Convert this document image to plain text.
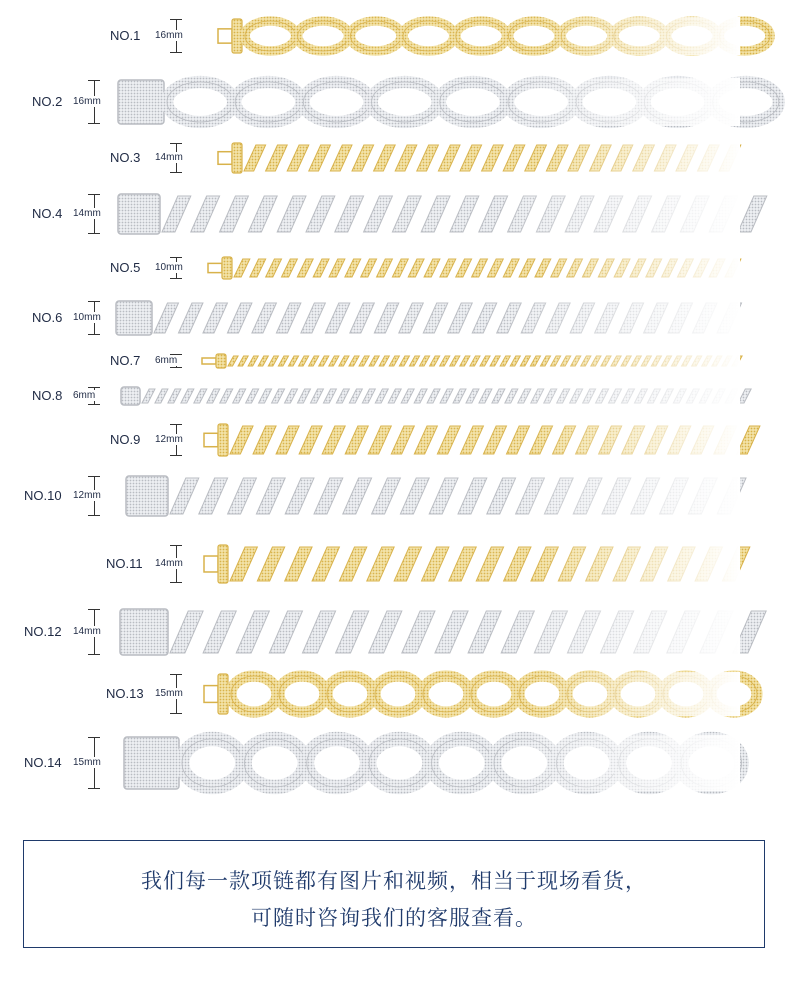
NO.1 16mm
NO.2 16mm
NO.3 14mm
NO.4 14mm
NO.5 10mm
NO.6 10mm
NO.7 6mm
NO.8 6mm
NO.9 12mm
NO.10 12mm
NO.11 14mm
NO.12 14mm
NO.13 15mm
NO.14 15mm
我们每一款项链都有图片和视频，相当于现场看货，
可随时咨询我们的客服查看。
